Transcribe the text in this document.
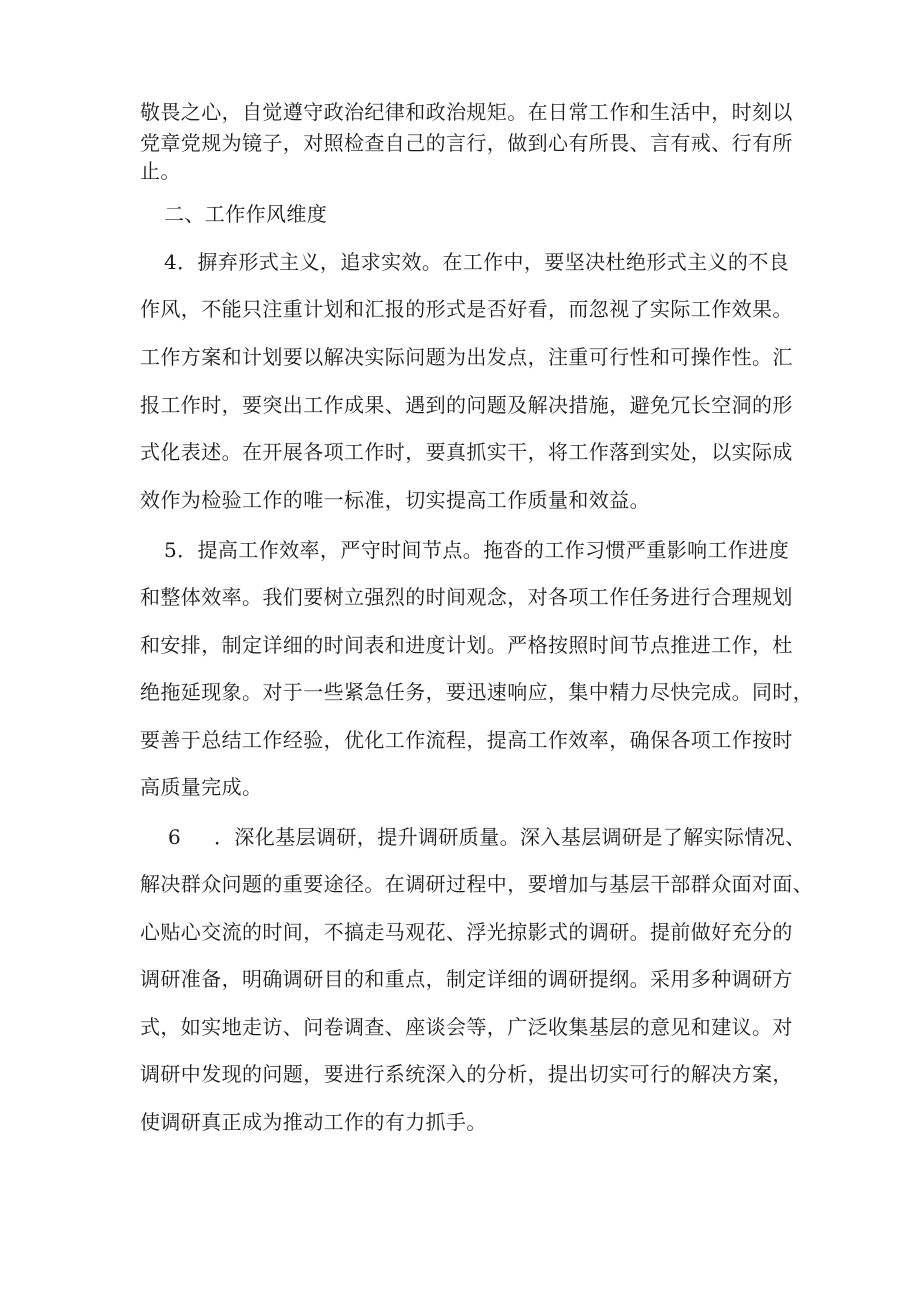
敬畏之心，自觉遵守政治纪律和政治规矩。在日常工作和生活中，时刻以
党章党规为镜子，对照检查自己的言行，做到心有所畏、言有戒、行有所
止。
二、工作作风维度
4．摒弃形式主义，追求实效。在工作中，要坚决杜绝形式主义的不良
作风，不能只注重计划和汇报的形式是否好看，而忽视了实际工作效果。
工作方案和计划要以解决实际问题为出发点，注重可行性和可操作性。汇
报工作时，要突出工作成果、遇到的问题及解决措施，避免冗长空洞的形
式化表述。在开展各项工作时，要真抓实干，将工作落到实处，以实际成
效作为检验工作的唯一标准，切实提高工作质量和效益。
5．提高工作效率，严守时间节点。拖沓的工作习惯严重影响工作进度
和整体效率。我们要树立强烈的时间观念，对各项工作任务进行合理规划
和安排，制定详细的时间表和进度计划。严格按照时间节点推进工作，杜
绝拖延现象。对于一些紧急任务，要迅速响应，集中精力尽快完成。同时，
要善于总结工作经验，优化工作流程，提高工作效率，确保各项工作按时
高质量完成。
6	．深化基层调研，提升调研质量。深入基层调研是了解实际情况、
解决群众问题的重要途径。在调研过程中，要增加与基层干部群众面对面、
心贴心交流的时间，不搞走马观花、浮光掠影式的调研。提前做好充分的
调研准备，明确调研目的和重点，制定详细的调研提纲。采用多种调研方
式，如实地走访、问卷调查、座谈会等，广泛收集基层的意见和建议。对
调研中发现的问题，要进行系统深入的分析，提出切实可行的解决方案，
使调研真正成为推动工作的有力抓手。
